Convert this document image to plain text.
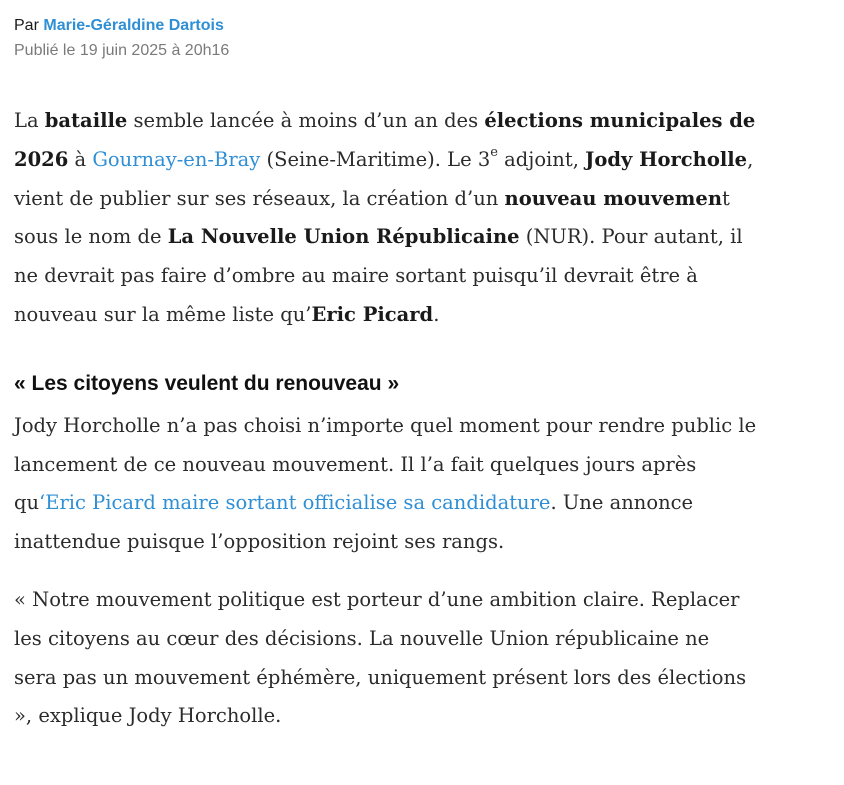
Par Marie-Géraldine Dartois
Publié le 19 juin 2025 à 20h16

La bataille semble lancée à moins d’un an des élections municipales de 2026 à Gournay-en-Bray (Seine-Maritime). Le 3e adjoint, Jody Horcholle, vient de publier sur ses réseaux, la création d’un nouveau mouvement sous le nom de La Nouvelle Union Républicaine (NUR). Pour autant, il ne devrait pas faire d’ombre au maire sortant puisqu’il devrait être à nouveau sur la même liste qu’Eric Picard.

« Les citoyens veulent du renouveau »

Jody Horcholle n’a pas choisi n’importe quel moment pour rendre public le lancement de ce nouveau mouvement. Il l’a fait quelques jours après qu‘Eric Picard maire sortant officialise sa candidature. Une annonce inattendue puisque l’opposition rejoint ses rangs.

« Notre mouvement politique est porteur d’une ambition claire. Replacer les citoyens au cœur des décisions. La nouvelle Union républicaine ne sera pas un mouvement éphémère, uniquement présent lors des élections », explique Jody Horcholle.
